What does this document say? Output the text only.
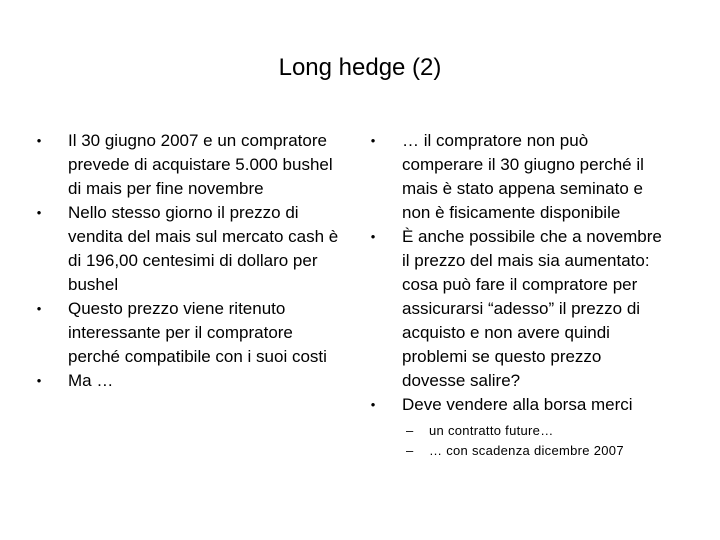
Long hedge (2)
• Il 30 giugno 2007 e un compratore prevede di acquistare 5.000 bushel di mais per fine novembre
• Nello stesso giorno il prezzo di vendita del mais sul mercato cash è di 196,00 centesimi di dollaro per bushel
• Questo prezzo viene ritenuto interessante per il compratore perché compatibile con i suoi costi
• Ma …
• … il compratore non può comperare il 30 giugno perché il mais è stato appena seminato e non è fisicamente disponibile
• È anche possibile che a novembre il prezzo del mais sia aumentato: cosa può fare il compratore per assicurarsi “adesso” il prezzo di acquisto e non avere quindi problemi se questo prezzo dovesse salire?
• Deve vendere alla borsa merci
– un contratto future…
– … con scadenza dicembre 2007
